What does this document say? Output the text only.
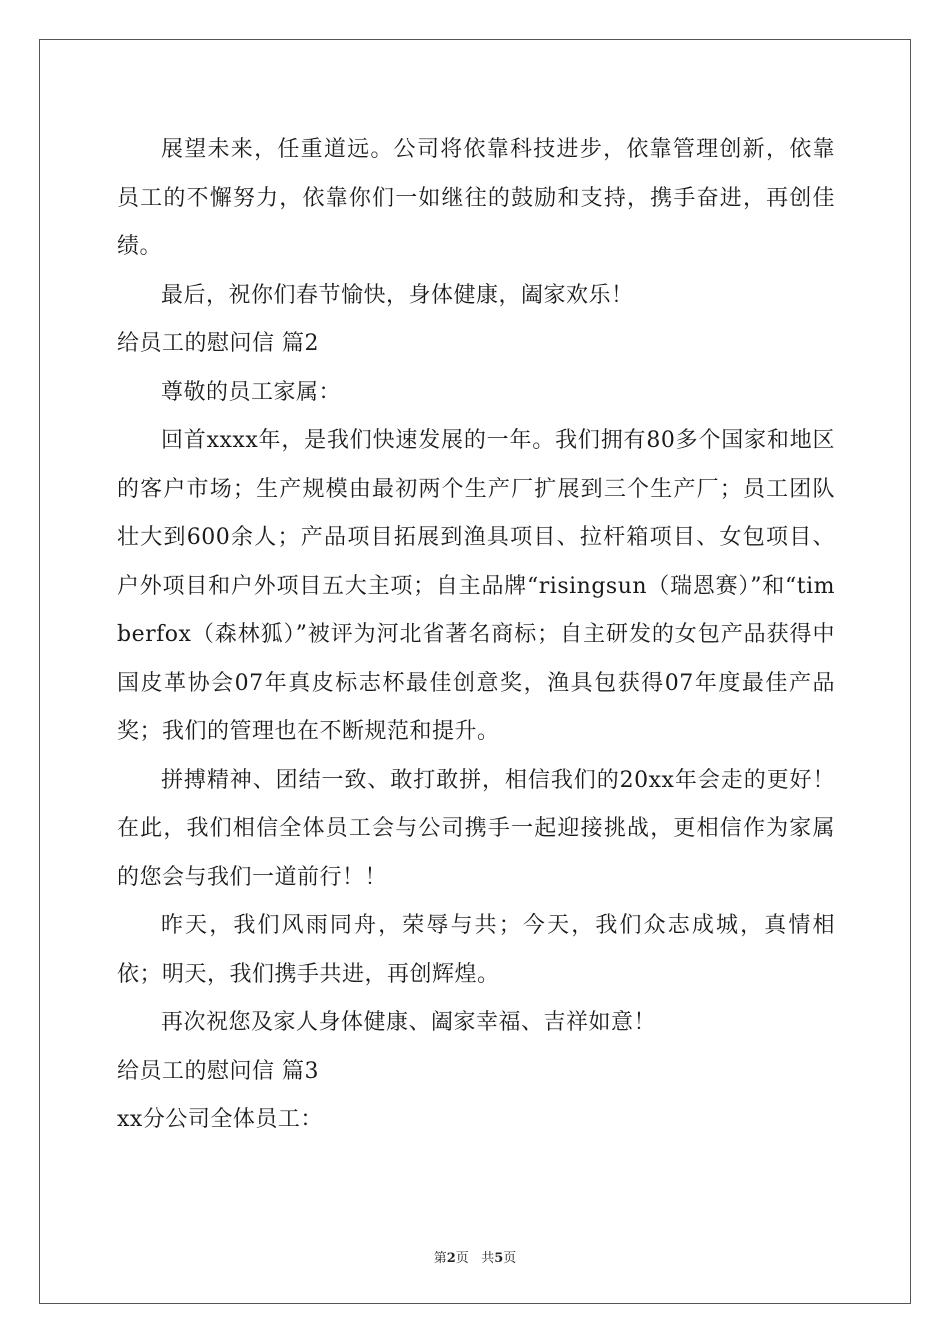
展望未来，任重道远。公司将依靠科技进步，依靠管理创新，依靠员工的不懈努力，依靠你们一如继往的鼓励和支持，携手奋进，再创佳绩。

最后，祝你们春节愉快，身体健康，阖家欢乐！

给员工的慰问信 篇2

尊敬的员工家属：

回首xxxx年，是我们快速发展的一年。我们拥有80多个国家和地区的客户市场；生产规模由最初两个生产厂扩展到三个生产厂；员工团队壮大到600余人；产品项目拓展到渔具项目、拉杆箱项目、女包项目、户外项目和户外项目五大主项；自主品牌“risingsun（瑞恩赛）”和“timberfox（森林狐）”被评为河北省著名商标；自主研发的女包产品获得中国皮革协会07年真皮标志杯最佳创意奖，渔具包获得07年度最佳产品奖；我们的管理也在不断规范和提升。

拼搏精神、团结一致、敢打敢拼，相信我们的20xx年会走的更好！在此，我们相信全体员工会与公司携手一起迎接挑战，更相信作为家属的您会与我们一道前行！！

昨天，我们风雨同舟，荣辱与共；今天，我们众志成城，真情相依；明天，我们携手共进，再创辉煌。

再次祝您及家人身体健康、阖家幸福、吉祥如意！

给员工的慰问信 篇3

xx分公司全体员工：

第2页 共5页
